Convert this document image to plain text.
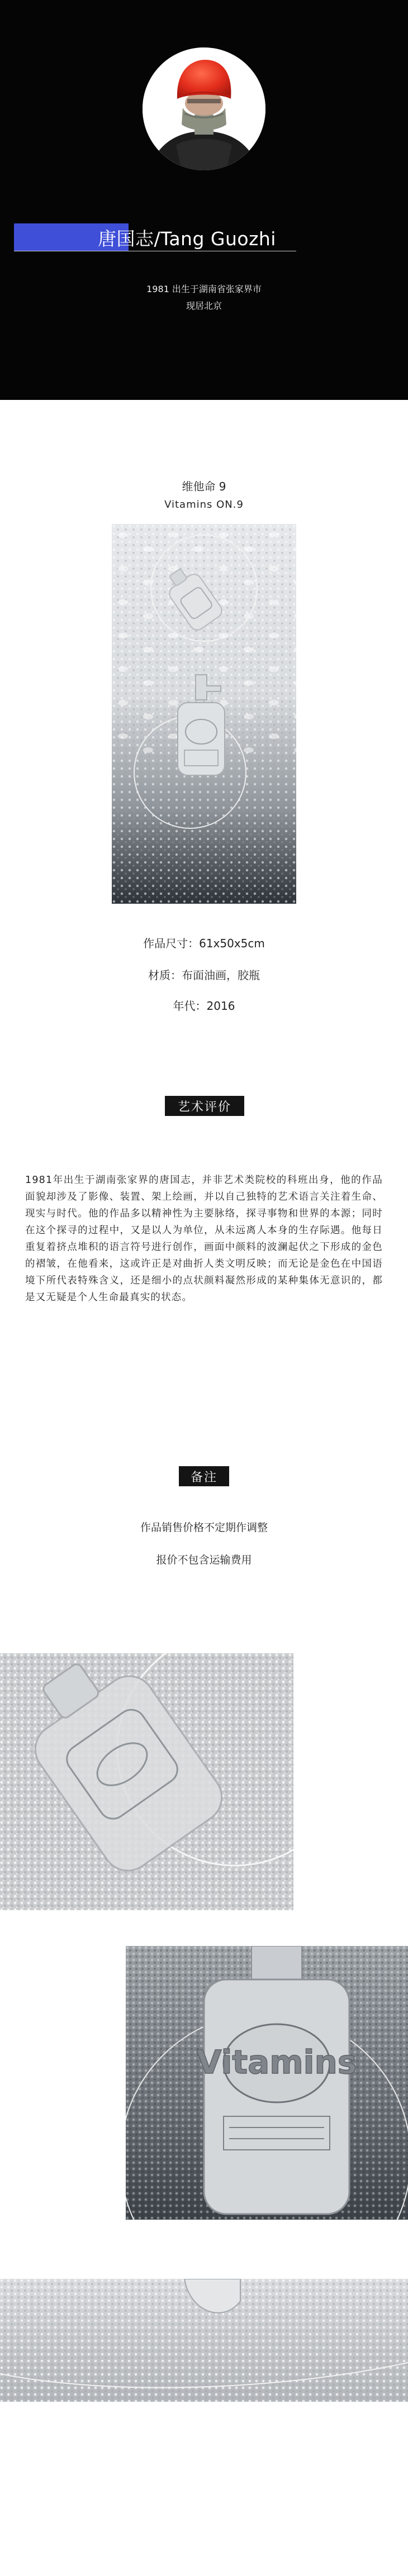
唐国志/Tang Guozhi
1981 出生于湖南省张家界市
现居北京
维他命 9
Vitamins ON.9
作品尺寸：61x50x5cm
材质：布面油画，胶瓶
年代：2016
艺术评价
1981年出生于湖南张家界的唐国志，并非艺术类院校的科班出身，他的作品面貌却涉及了影像、装置、架上绘画，并以自己独特的艺术语言关注着生命、现实与时代。他的作品多以精神性为主要脉络，探寻事物和世界的本源；同时在这个探寻的过程中，又是以人为单位，从未远离人本身的生存际遇。他每日重复着挤点堆积的语言符号进行创作，画面中颜料的波澜起伏之下形成的金色的褶皱，在他看来，这或许正是对曲折人类文明反映；而无论是金色在中国语境下所代表特殊含义，还是细小的点状颜料凝然形成的某种集体无意识的，都是又无疑是个人生命最真实的状态。
备注
作品销售价格不定期作调整
报价不包含运输费用
Vitamins
